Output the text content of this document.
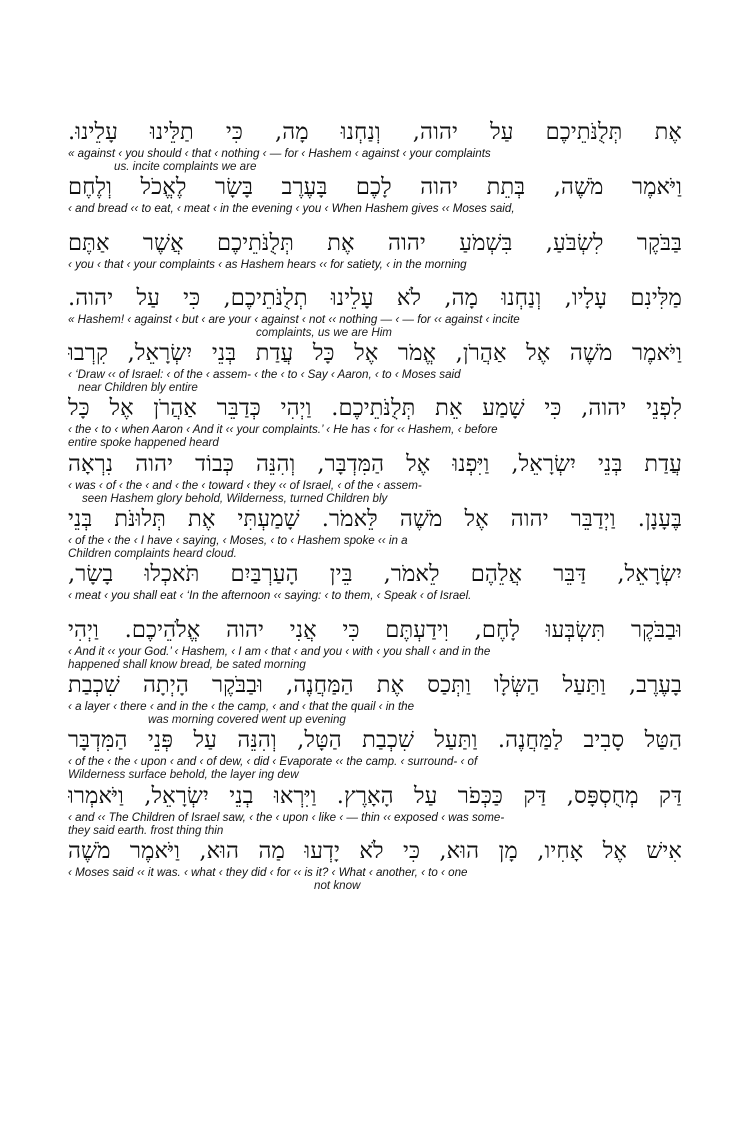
אֶת תְּלֻנֹּתֵיכֶם עַל יהוה, וְנַחְנוּ מָה, כִּי תַלֵּינוּ עָלֵינוּ.
« against ‹ you should ‹ that ‹ nothing ‹ — for ‹ Hashem ‹ against ‹ your complaints
us. incite complaints we are
וַיֹּאמֶר מֹשֶׁה, בְּתֵת יהוה לָכֶם בָּעֶרֶב בָּשָׂר לֶאֱכֹל וְלֶחֶם
‹ and bread ‹‹ to eat, ‹ meat ‹ in the evening ‹ you ‹ When Hashem gives ‹‹ Moses said,
בַּבֹּקֶר לִשְׂבֹּעַ, בִּשְׁמֹעַ יהוה אֶת תְּלֻנֹּתֵיכֶם אֲשֶׁר אַתֶּם
‹ you ‹ that ‹ your complaints ‹ as Hashem hears ‹‹ for satiety, ‹ in the morning
מַלִּינִם עָלָיו, וְנַחְנוּ מָה, לֹא עָלֵינוּ תְלֻנֹּתֵיכֶם, כִּי עַל יהוה.
« Hashem! ‹ against ‹ but ‹ are your ‹ against ‹ not ‹‹ nothing — ‹ — for ‹‹ against ‹ incite
complaints, us we are Him
וַיֹּאמֶר מֹשֶׁה אֶל אַהֲרֹן, אֱמֹר אֶל כָּל עֲדַת בְּנֵי יִשְׂרָאֵל, קִרְבוּ
‹ ‘Draw ‹‹ of Israel: ‹ of the ‹ assem- ‹ the ‹ to ‹ Say ‹ Aaron, ‹ to ‹ Moses said
near Children bly entire
לִפְנֵי יהוה, כִּי שָׁמַע אֵת תְּלֻנֹּתֵיכֶם. וַיְהִי כְּדַבֵּר אַהֲרֹן אֶל כָּל
‹ the ‹ to ‹ when Aaron ‹ And it ‹‹ your complaints.’ ‹ He has ‹ for ‹‹ Hashem, ‹ before
entire spoke happened heard
עֲדַת בְּנֵי יִשְׂרָאֵל, וַיִּפְנוּ אֶל הַמִּדְבָּר, וְהִנֵּה כְּבוֹד יהוה נִרְאָה
‹ was ‹ of ‹ the ‹ and ‹ the ‹ toward ‹ they ‹‹ of Israel, ‹ of the ‹ assem-
seen Hashem glory behold, Wilderness, turned Children bly
בֶּעָנָן. וַיְדַבֵּר יהוה אֶל מֹשֶׁה לֵּאמֹר. שָׁמַעְתִּי אֶת תְּלוּנֹּת בְּנֵי
‹ of the ‹ the ‹ I have ‹ saying, ‹ Moses, ‹ to ‹ Hashem spoke ‹‹ in a
Children complaints heard cloud.
יִשְׂרָאֵל, דַּבֵּר אֲלֵהֶם לֵאמֹר, בֵּין הָעַרְבַּיִם תֹּאכְלוּ בָשָׂר,
‹ meat ‹ you shall eat ‹ ‘In the afternoon ‹‹ saying: ‹ to them, ‹ Speak ‹ of Israel.
וּבַבֹּקֶר תִּשְׂבְּעוּ לָחֶם, וִידַעְתֶּם כִּי אֲנִי יהוה אֱלֹהֵיכֶם. וַיְהִי
‹ And it ‹‹ your God.’ ‹ Hashem, ‹ I am ‹ that ‹ and you ‹ with ‹ you shall ‹ and in the
happened shall know bread, be sated morning
בָעֶרֶב, וַתַּעַל הַשְּׂלָו וַתְּכַס אֶת הַמַּחֲנֶה, וּבַבֹּקֶר הָיְתָה שִׁכְבַת
‹ a layer ‹ there ‹ and in the ‹ the camp, ‹ and ‹ that the quail ‹ in the
was morning covered went up evening
הַטַּל סָבִיב לַמַּחֲנֶה. וַתַּעַל שִׁכְבַת הַטָּל, וְהִנֵּה עַל פְּנֵי הַמִּדְבָּר
‹ of the ‹ the ‹ upon ‹ and ‹ of dew, ‹ did ‹ Evaporate ‹‹ the camp. ‹ surround- ‹ of
Wilderness surface behold, the layer ing dew
דַּק מְחֻסְפָּס, דַּק כַּכְּפֹר עַל הָאָרֶץ. וַיִּרְאוּ בְנֵי יִשְׂרָאֵל, וַיֹּאמְרוּ
‹ and ‹‹ The Children of Israel saw, ‹ the ‹ upon ‹ like ‹ — thin ‹‹ exposed ‹ was some-
they said earth. frost thing thin
אִישׁ אֶל אָחִיו, מָן הוּא, כִּי לֹא יָדְעוּ מַה הוּא, וַיֹּאמֶר מֹשֶׁה
‹ Moses said ‹‹ it was. ‹ what ‹ they did ‹ for ‹‹ is it? ‹ What ‹ another, ‹ to ‹ one
not know
